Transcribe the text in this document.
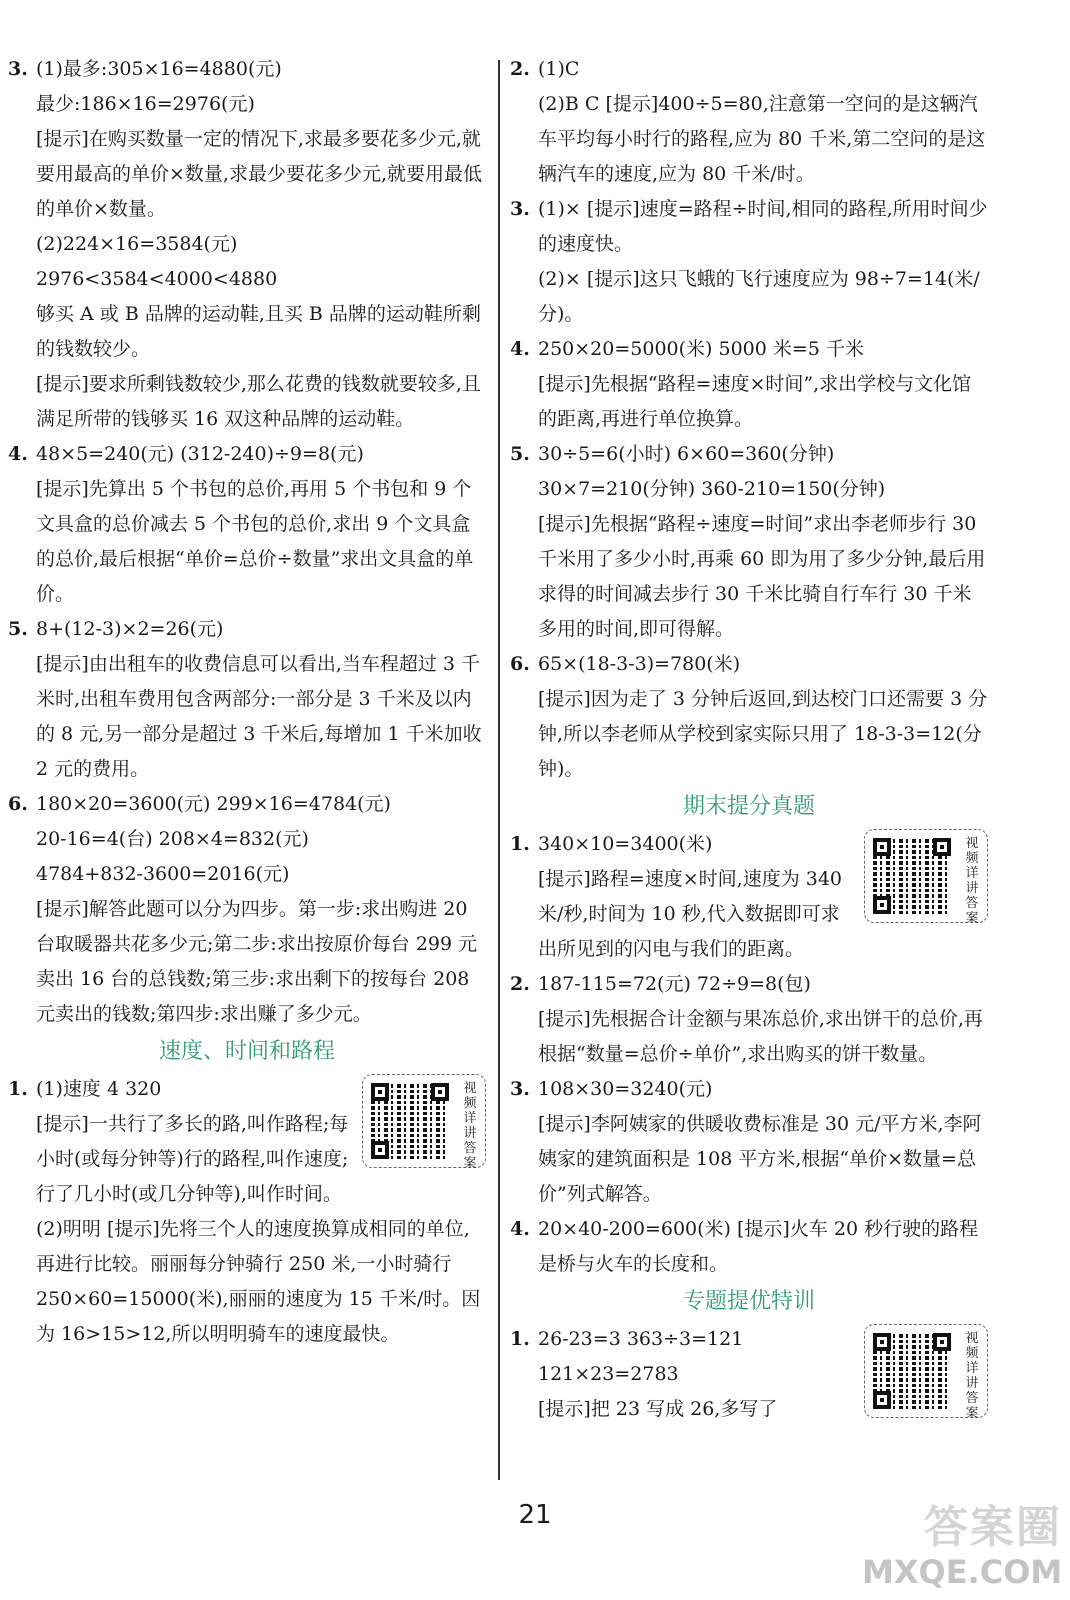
3. (1)最多:305×16=4880(元)

最少:186×16=2976(元)

[提示]在购买数量一定的情况下,求最多要花多少元,就要用最高的单价×数量,求最少要花多少元,就要用最低的单价×数量。

(2)224×16=3584(元)

2976<3584<4000<4880

够买 A 或 B 品牌的运动鞋,且买 B 品牌的运动鞋所剩的钱数较少。

[提示]要求所剩钱数较少,那么花费的钱数就要较多,且满足所带的钱够买 16 双这种品牌的运动鞋。

4. 48×5=240(元) (312-240)÷9=8(元)

[提示]先算出 5 个书包的总价,再用 5 个书包和 9 个文具盒的总价减去 5 个书包的总价,求出 9 个文具盒的总价,最后根据“单价=总价÷数量”求出文具盒的单价。

5. 8+(12-3)×2=26(元)

[提示]由出租车的收费信息可以看出,当车程超过 3 千米时,出租车费用包含两部分:一部分是 3 千米及以内的 8 元,另一部分是超过 3 千米后,每增加 1 千米加收 2 元的费用。

6. 180×20=3600(元) 299×16=4784(元)

20-16=4(台) 208×4=832(元)

4784+832-3600=2016(元)

[提示]解答此题可以分为四步。第一步:求出购进 20 台取暖器共花多少元;第二步:求出按原价每台 299 元卖出 16 台的总钱数;第三步:求出剩下的按每台 208 元卖出的钱数;第四步:求出赚了多少元。

速度、时间和路程
1.	视频详讲答案

(1)速度 4 320

[提示]一共行了多长的路,叫作路程;每小时(或每分钟等)行的路程,叫作速度;行了几小时(或几分钟等),叫作时间。

(2)明明 [提示]先将三个人的速度换算成相同的单位,再进行比较。丽丽每分钟骑行 250 米,一小时骑行 250×60=15000(米),丽丽的速度为 15 千米/时。因为 16>15>12,所以明明骑车的速度最快。

2. (1)C

(2)B C [提示]400÷5=80,注意第一空问的是这辆汽车平均每小时行的路程,应为 80 千米,第二空问的是这辆汽车的速度,应为 80 千米/时。

3. (1)× [提示]速度=路程÷时间,相同的路程,所用时间少的速度快。

(2)× [提示]这只飞蛾的飞行速度应为 98÷7=14(米/分)。

4. 250×20=5000(米) 5000 米=5 千米

[提示]先根据“路程=速度×时间”,求出学校与文化馆的距离,再进行单位换算。

5. 30÷5=6(小时) 6×60=360(分钟)

30×7=210(分钟) 360-210=150(分钟)

[提示]先根据“路程÷速度=时间”求出李老师步行 30 千米用了多少小时,再乘 60 即为用了多少分钟,最后用求得的时间减去步行 30 千米比骑自行车行 30 千米多用的时间,即可得解。

6. 65×(18-3-3)=780(米)

[提示]因为走了 3 分钟后返回,到达校门口还需要 3 分钟,所以李老师从学校到家实际只用了 18-3-3=12(分钟)。

期末提分真题
1.	视频详讲答案

340×10=3400(米)

[提示]路程=速度×时间,速度为 340 米/秒,时间为 10 秒,代入数据即可求出所见到的闪电与我们的距离。

2. 187-115=72(元) 72÷9=8(包)

[提示]先根据合计金额与果冻总价,求出饼干的总价,再根据“数量=总价÷单价”,求出购买的饼干数量。

3. 108×30=3240(元)

[提示]李阿姨家的供暖收费标准是 30 元/平方米,李阿姨家的建筑面积是 108 平方米,根据“单价×数量=总价”列式解答。

4. 20×40-200=600(米) [提示]火车 20 秒行驶的路程是桥与火车的长度和。

专题提优特训
1.	视频详讲答案

26-23=3 363÷3=121

121×23=2783

[提示]把 23 写成 26,多写了

21	答案圈
MXQE.COM
